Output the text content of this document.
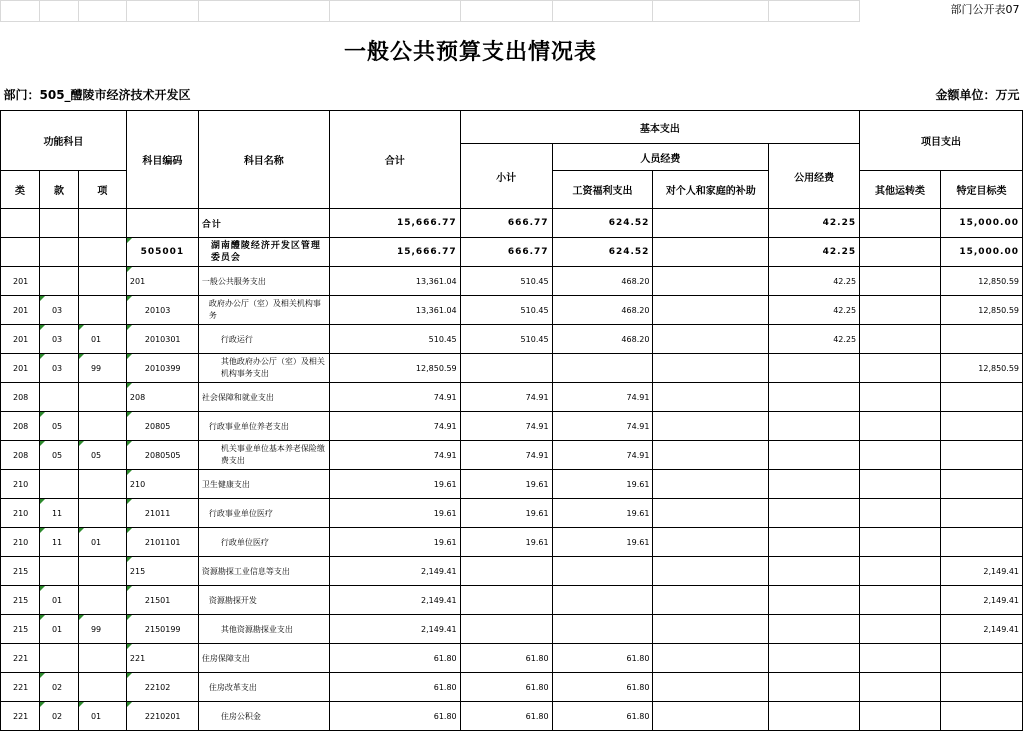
										部门公开表07	
一般公共预算支出情况表											
部门：505_醴陵市经济技术开发区								金额单位：万元			
功能科目			科目编码	科目名称	合计	基本支出				项目支出	
						小计	人员经费		公用经费		
类	款	项					工资福利支出	对个人和家庭的补助		其他运转类	特定目标类
				合计	15,666.77	666.77	624.52		42.25		15,000.00
			505001	湖南醴陵经济开发区管理委员会	15,666.77	666.77	624.52		42.25		15,000.00
201			201	一般公共服务支出	13,361.04	510.45	468.20		42.25		12,850.59
201	03		20103	政府办公厅（室）及相关机构事务	13,361.04	510.45	468.20		42.25		12,850.59
201	03	01	2010301	行政运行	510.45	510.45	468.20		42.25		
201	03	99	2010399	其他政府办公厅（室）及相关机构事务支出	12,850.59						12,850.59
208			208	社会保障和就业支出	74.91	74.91	74.91				
208	05		20805	行政事业单位养老支出	74.91	74.91	74.91				
208	05	05	2080505	机关事业单位基本养老保险缴费支出	74.91	74.91	74.91				
210			210	卫生健康支出	19.61	19.61	19.61				
210	11		21011	行政事业单位医疗	19.61	19.61	19.61				
210	11	01	2101101	行政单位医疗	19.61	19.61	19.61				
215			215	资源勘探工业信息等支出	2,149.41						2,149.41
215	01		21501	资源勘探开发	2,149.41						2,149.41
215	01	99	2150199	其他资源勘探业支出	2,149.41						2,149.41
221			221	住房保障支出	61.80	61.80	61.80				
221	02		22102	住房改革支出	61.80	61.80	61.80				
221	02	01	2210201	住房公积金	61.80	61.80	61.80				
